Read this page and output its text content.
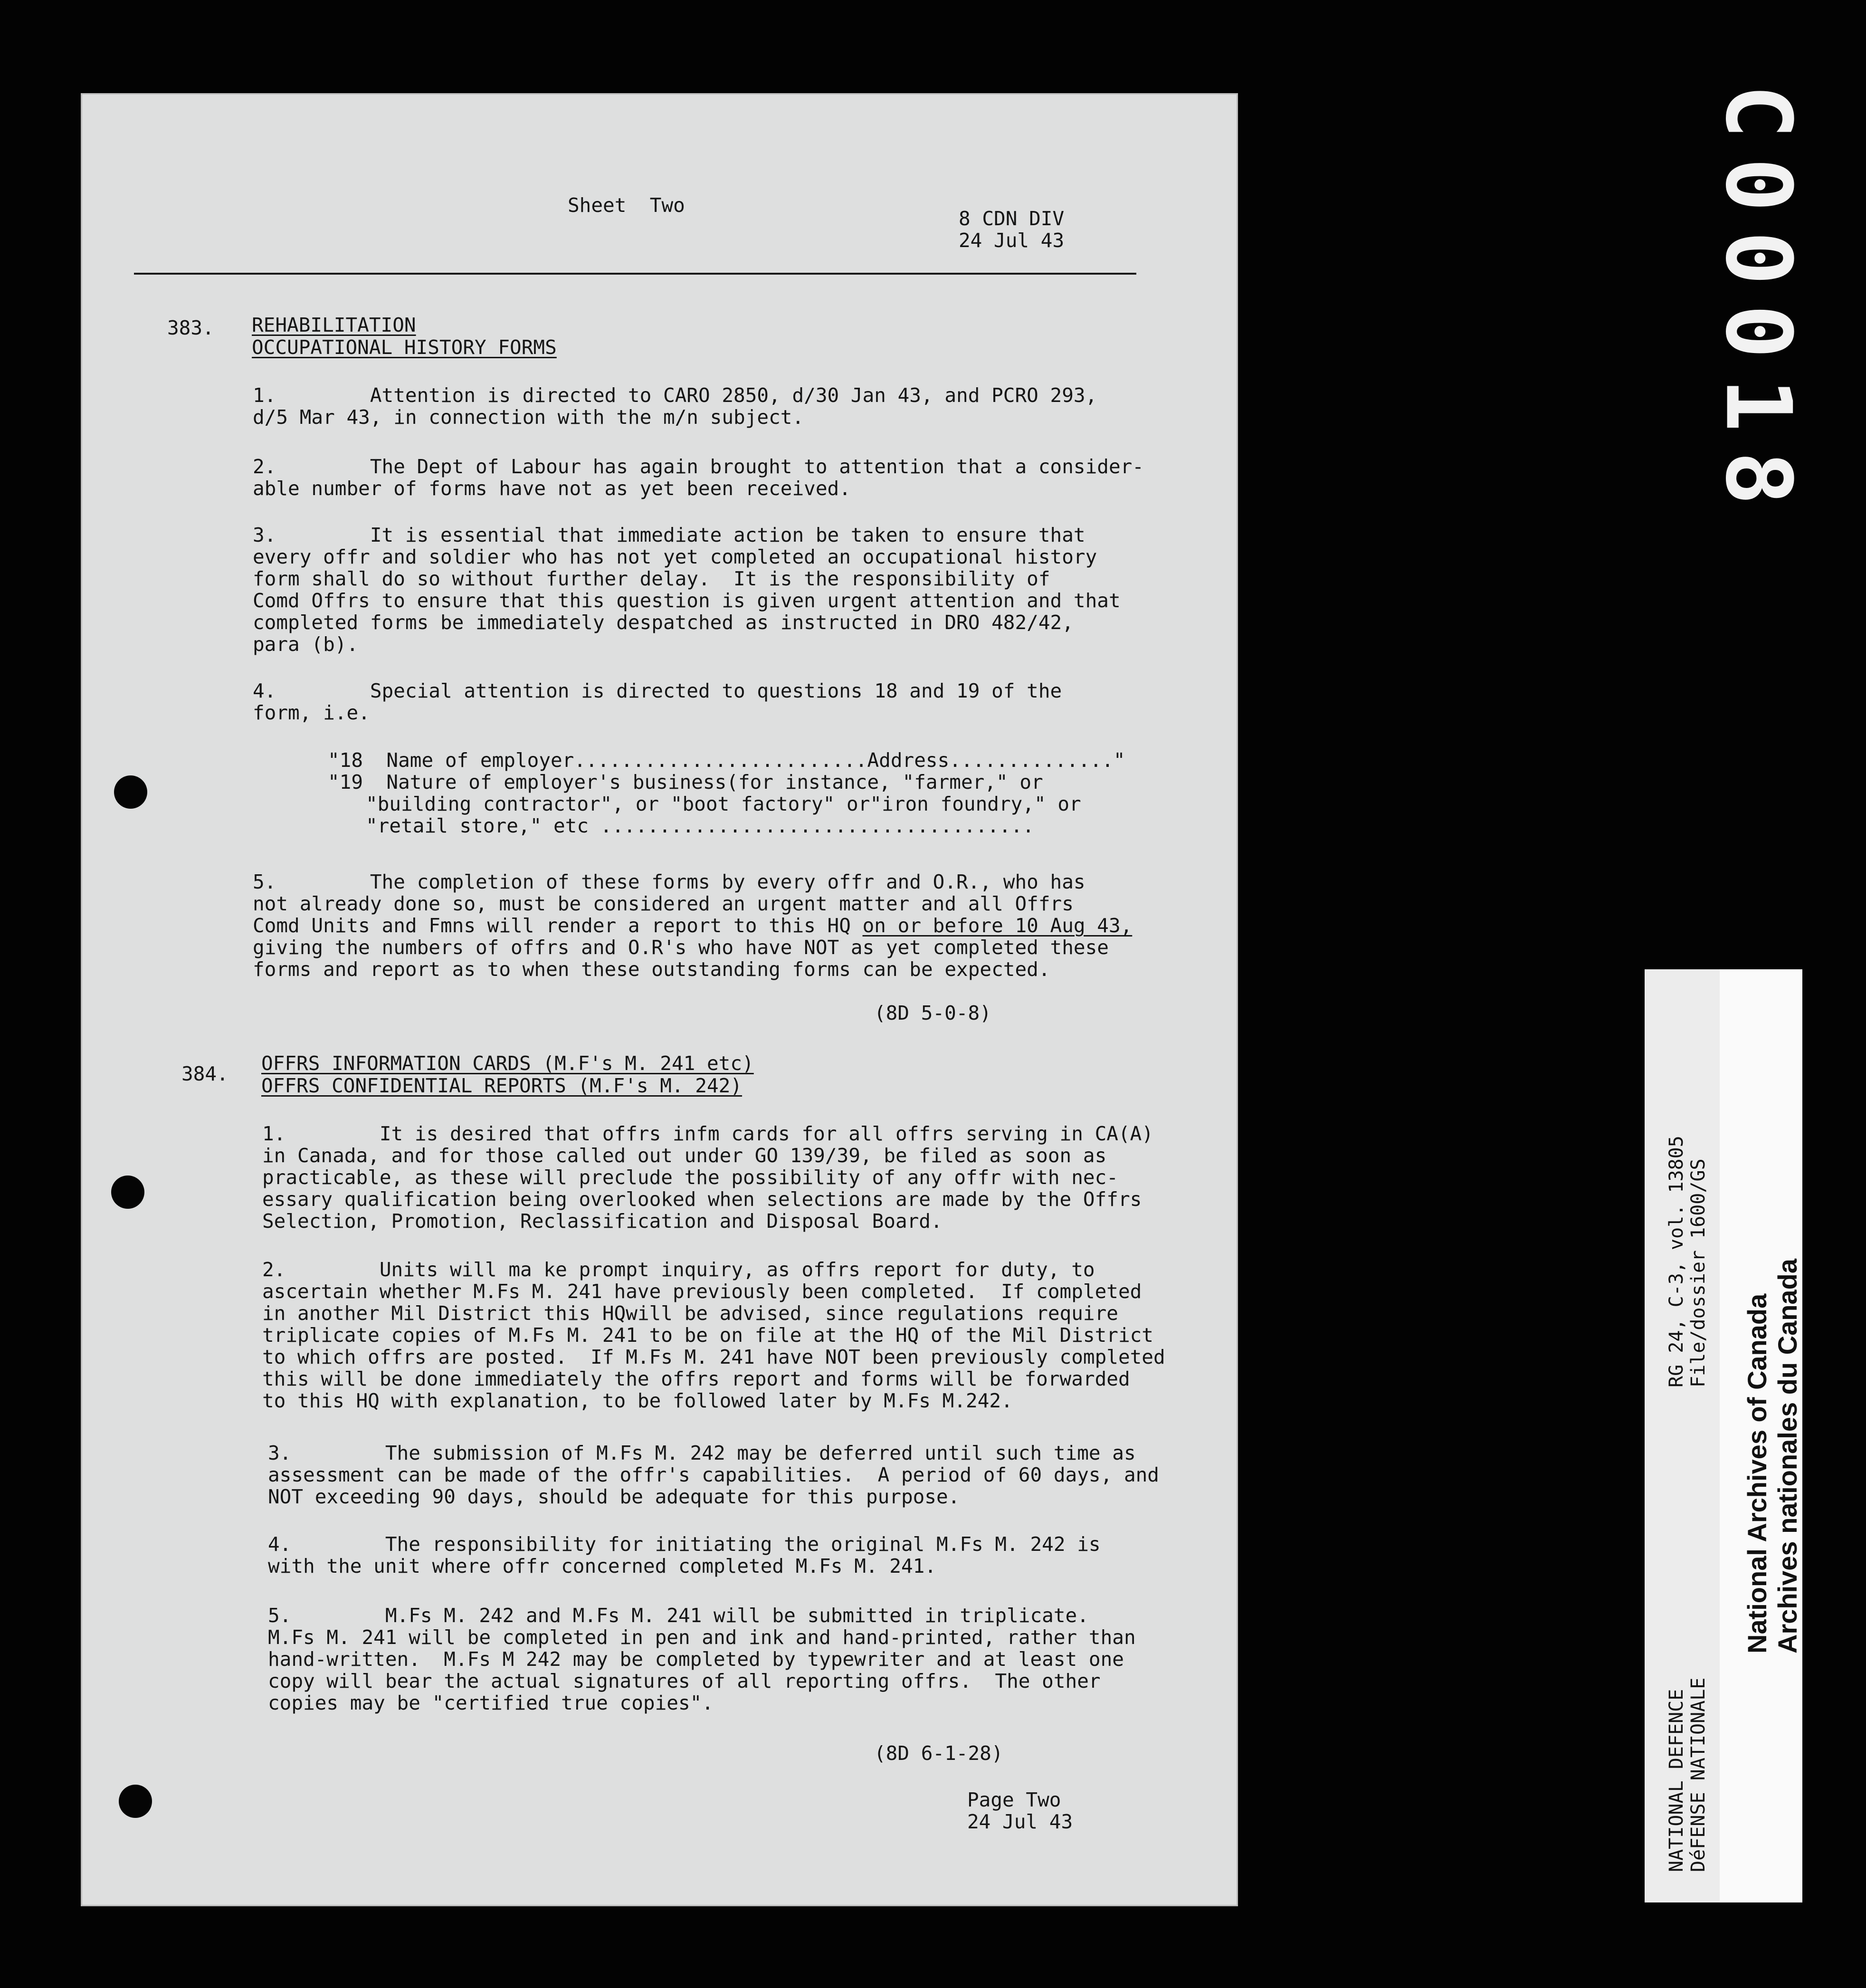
Sheet  Two
8 CDN DIV
24 Jul 43
383. REHABILITATION
OCCUPATIONAL HISTORY FORMS
1.        Attention is directed to CARO 2850, d/30 Jan 43, and PCRO 293,
d/5 Mar 43, in connection with the m/n subject.
2.        The Dept of Labour has again brought to attention that a consider-
able number of forms have not as yet been received.
3.        It is essential that immediate action be taken to ensure that
every offr and soldier who has not yet completed an occupational history
form shall do so without further delay.  It is the responsibility of
Comd Offrs to ensure that this question is given urgent attention and that
completed forms be immediately despatched as instructed in DRO 482/42,
para (b).
4.        Special attention is directed to questions 18 and 19 of the
form, i.e.
"18  Name of employer.........................Address.............."
"19  Nature of employer's business(for instance, "farmer," or
"building contractor", or "boot factory" or"iron foundry," or
"retail store," etc .....................................
5.        The completion of these forms by every offr and O.R., who has
not already done so, must be considered an urgent matter and all Offrs
Comd Units and Fmns will render a report to this HQ on or before 10 Aug 43,
giving the numbers of offrs and O.R's who have NOT as yet completed these
forms and report as to when these outstanding forms can be expected.
(8D 5-0-8)
384. OFFRS INFORMATION CARDS (M.F's M. 241 etc)
OFFRS CONFIDENTIAL REPORTS (M.F's M. 242)
1.        It is desired that offrs infm cards for all offrs serving in CA(A)
in Canada, and for those called out under GO 139/39, be filed as soon as
practicable, as these will preclude the possibility of any offr with nec-
essary qualification being overlooked when selections are made by the Offrs
Selection, Promotion, Reclassification and Disposal Board.
2.        Units will ma ke prompt inquiry, as offrs report for duty, to
ascertain whether M.Fs M. 241 have previously been completed.  If completed
in another Mil District this HQwill be advised, since regulations require
triplicate copies of M.Fs M. 241 to be on file at the HQ of the Mil District
to which offrs are posted.  If M.Fs M. 241 have NOT been previously completed
this will be done immediately the offrs report and forms will be forwarded
to this HQ with explanation, to be followed later by M.Fs M.242.
3.        The submission of M.Fs M. 242 may be deferred until such time as
assessment can be made of the offr's capabilities.  A period of 60 days, and
NOT exceeding 90 days, should be adequate for this purpose.
4.        The responsibility for initiating the original M.Fs M. 242 is
with the unit where offr concerned completed M.Fs M. 241.
5.        M.Fs M. 242 and M.Fs M. 241 will be submitted in triplicate.
M.Fs M. 241 will be completed in pen and ink and hand-printed, rather than
hand-written.  M.Fs M 242 may be completed by typewriter and at least one
copy will bear the actual signatures of all reporting offrs.  The other
copies may be "certified true copies".
(8D 6-1-28)
Page Two
24 Jul 43
C00018
RG 24, C-3, vol. 13805 File/dossier 1600/GS
NATIONAL DEFENCE DéFENSE NATIONALE
National Archives of Canada Archives nationales du Canada
